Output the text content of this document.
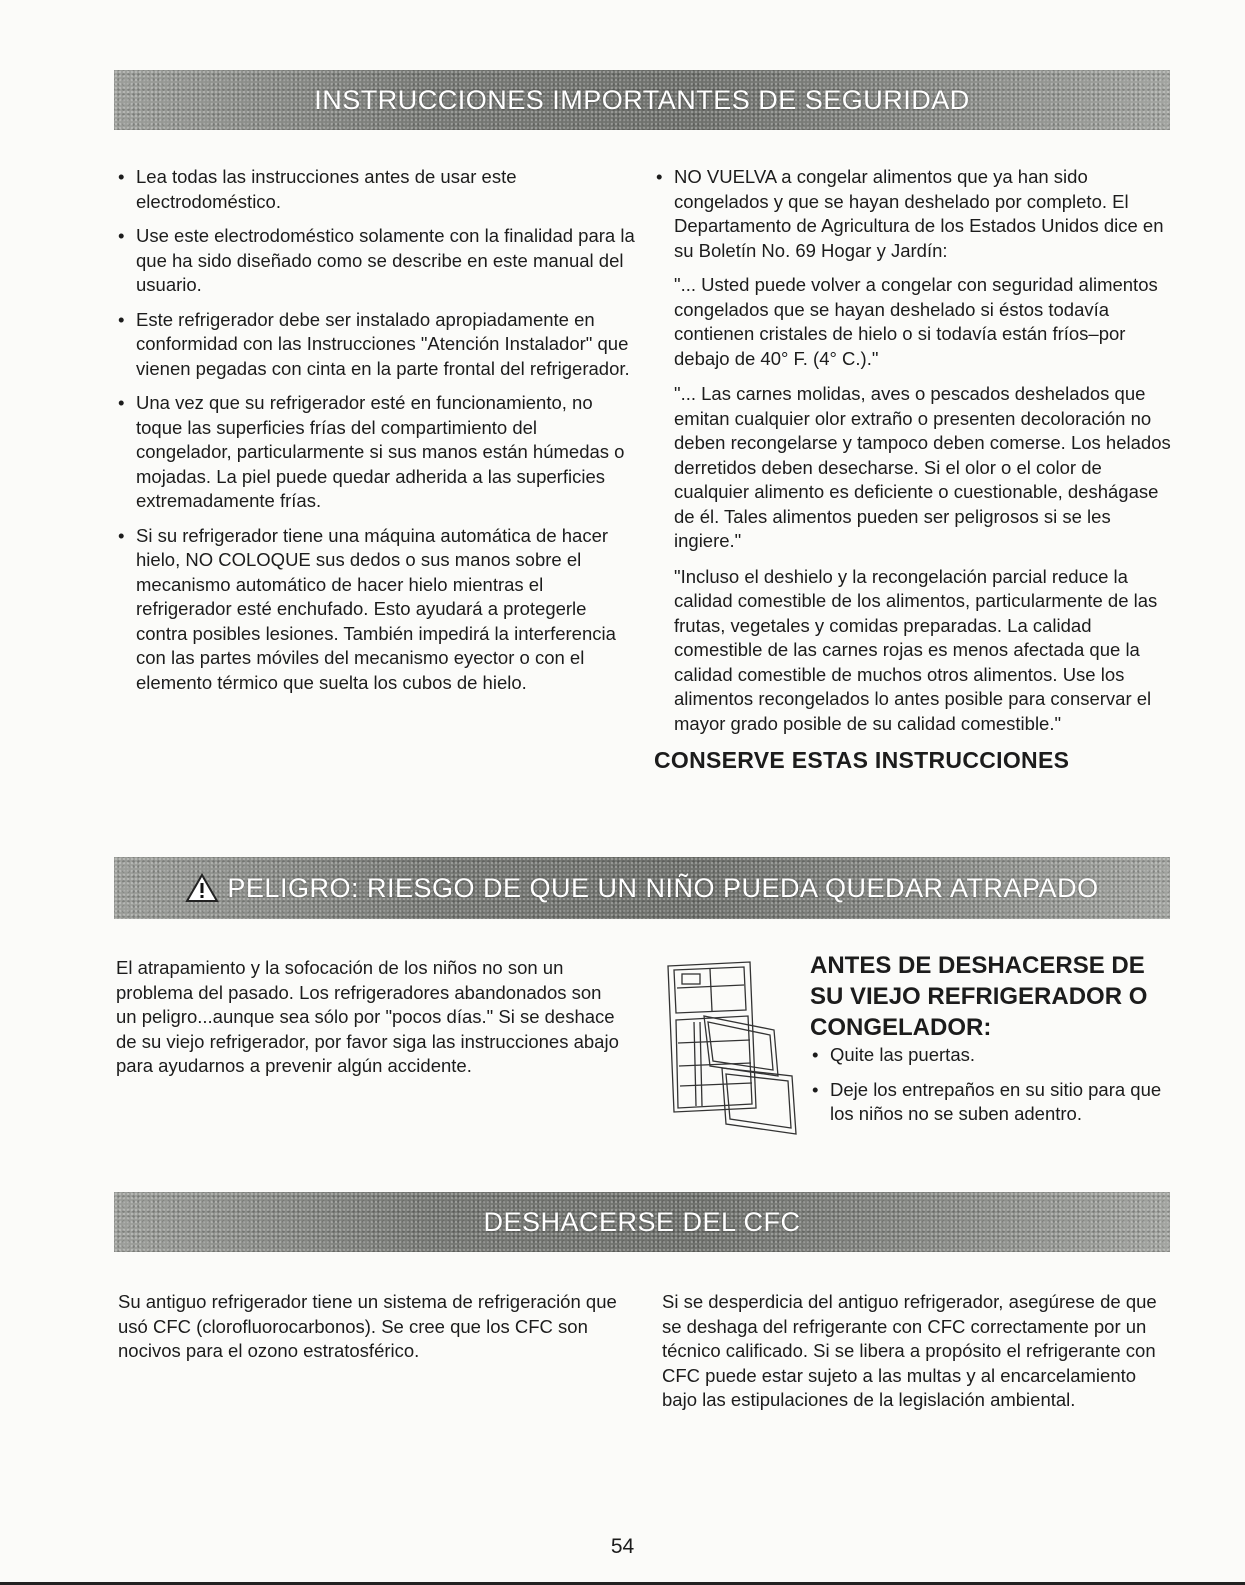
INSTRUCCIONES IMPORTANTES DE SEGURIDAD
• Lea todas las instrucciones antes de usar este electrodoméstico.
• Use este electrodoméstico solamente con la finalidad para la que ha sido diseñado como se describe en este manual del usuario.
• Este refrigerador debe ser instalado apropiadamente en conformidad con las Instrucciones "Atención Instalador" que vienen pegadas con cinta en la parte frontal del refrigerador.
• Una vez que su refrigerador esté en funcionamiento, no toque las superficies frías del compartimiento del congelador, particularmente si sus manos están húmedas o mojadas. La piel puede quedar adherida a las superficies extremadamente frías.
• Si su refrigerador tiene una máquina automática de hacer hielo, NO COLOQUE sus dedos o sus manos sobre el mecanismo automático de hacer hielo mientras el refrigerador esté enchufado. Esto ayudará a protegerle contra posibles lesiones. También impedirá la interferencia con las partes móviles del mecanismo eyector o con el elemento térmico que suelta los cubos de hielo.
• NO VUELVA a congelar alimentos que ya han sido congelados y que se hayan deshelado por completo. El Departamento de Agricultura de los Estados Unidos dice en su Boletín No. 69 Hogar y Jardín:

"... Usted puede volver a congelar con seguridad alimentos congelados que se hayan deshelado si éstos todavía contienen cristales de hielo o si todavía están fríos–por debajo de 40° F. (4° C.)."

"... Las carnes molidas, aves o pescados deshelados que emitan cualquier olor extraño o presenten decoloración no deben recongelarse y tampoco deben comerse. Los helados derretidos deben desecharse. Si el olor o el color de cualquier alimento es deficiente o cuestionable, deshágase de él. Tales alimentos pueden ser peligrosos si se les ingiere."

"Incluso el deshielo y la recongelación parcial reduce la calidad comestible de los alimentos, particularmente de las frutas, vegetales y comidas preparadas. La calidad comestible de las carnes rojas es menos afectada que la calidad comestible de muchos otros alimentos. Use los alimentos recongelados lo antes posible para conservar el mayor grado posible de su calidad comestible."

CONSERVE ESTAS INSTRUCCIONES
PELIGRO: RIESGO DE QUE UN NIÑO PUEDA QUEDAR ATRAPADO

El atrapamiento y la sofocación de los niños no son un problema del pasado. Los refrigeradores abandonados son un peligro...aunque sea sólo por "pocos días." Si se deshace de su viejo refrigerador, por favor siga las instrucciones abajo para ayudarnos a prevenir algún accidente.

ANTES DE DESHACERSE DE SU VIEJO REFRIGERADOR O CONGELADOR:
• Quite las puertas.
• Deje los entrepaños en su sitio para que los niños no se suben adentro.
DESHACERSE DEL CFC

Su antiguo refrigerador tiene un sistema de refrigeración que usó CFC (clorofluorocarbonos). Se cree que los CFC son nocivos para el ozono estratosférico.

Si se desperdicia del antiguo refrigerador, asegúrese de que se deshaga del refrigerante con CFC correctamente por un técnico calificado. Si se libera a propósito el refrigerante con CFC puede estar sujeto a las multas y al encarcelamiento bajo las estipulaciones de la legislación ambiental.

54
